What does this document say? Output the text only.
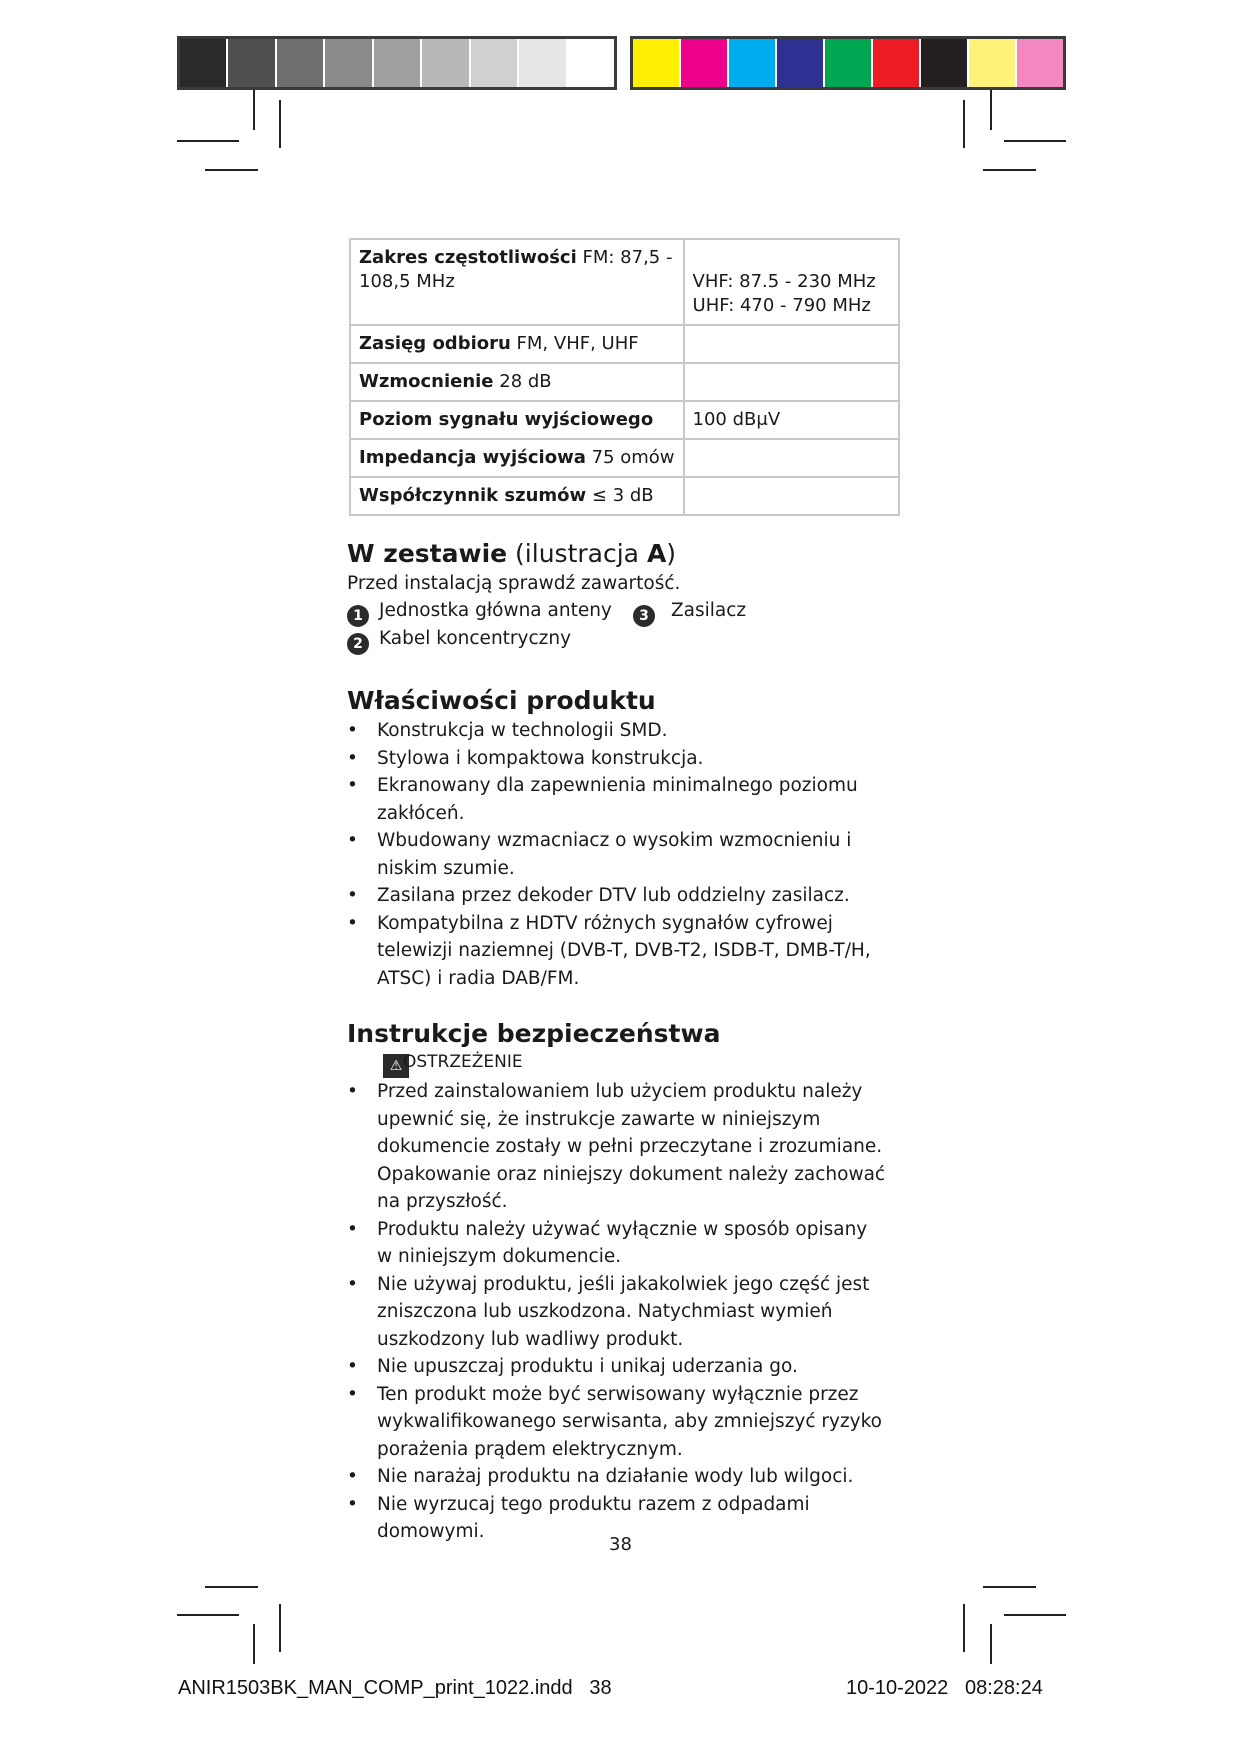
Zakres częstotliwości FM: 87,5 - 108,5 MHz	VHF: 87.5 - 230 MHz
UHF: 470 - 790 MHz

Zasięg odbioru FM, VHF, UHF	
Wzmocnienie 28 dB	
Poziom sygnału wyjściowego	100 dBμV
Impedancja wyjściowa 75 omów	
Współczynnik szumów ≤ 3 dB	
W zestawie (ilustracja A)
Przed instalacją sprawdź zawartość.
1 Jednostka główna anteny	3 Zasilacz
2 Kabel koncentryczny
Właściwości produktu
• Konstrukcja w technologii SMD.
• Stylowa i kompaktowa konstrukcja.
• Ekranowany dla zapewnienia minimalnego poziomu zakłóceń.
• Wbudowany wzmacniacz o wysokim wzmocnieniu i niskim szumie.
• Zasilana przez dekoder DTV lub oddzielny zasilacz.
• Kompatybilna z HDTV różnych sygnałów cyfrowej telewizji naziemnej (DVB-T, DVB-T2, ISDB-T, DMB-T/H, ATSC) i radia DAB/FM.
Instrukcje bezpieczeństwa
⚠OSTRZEŻENIE
• Przed zainstalowaniem lub użyciem produktu należy upewnić się, że instrukcje zawarte w niniejszym dokumencie zostały w pełni przeczytane i zrozumiane. Opakowanie oraz niniejszy dokument należy zachować na przyszłość.
• Produktu należy używać wyłącznie w sposób opisany w niniejszym dokumencie.
• Nie używaj produktu, jeśli jakakolwiek jego część jest zniszczona lub uszkodzona. Natychmiast wymień uszkodzony lub wadliwy produkt.
• Nie upuszczaj produktu i unikaj uderzania go.
• Ten produkt może być serwisowany wyłącznie przez wykwalifikowanego serwisanta, aby zmniejszyć ryzyko porażenia prądem elektrycznym.
• Nie narażaj produktu na działanie wody lub wilgoci.
• Nie wyrzucaj tego produktu razem z odpadami domowymi.
38
ANIR1503BK_MAN_COMP_print_1022.indd 38	10-10-2022 08:28:24
